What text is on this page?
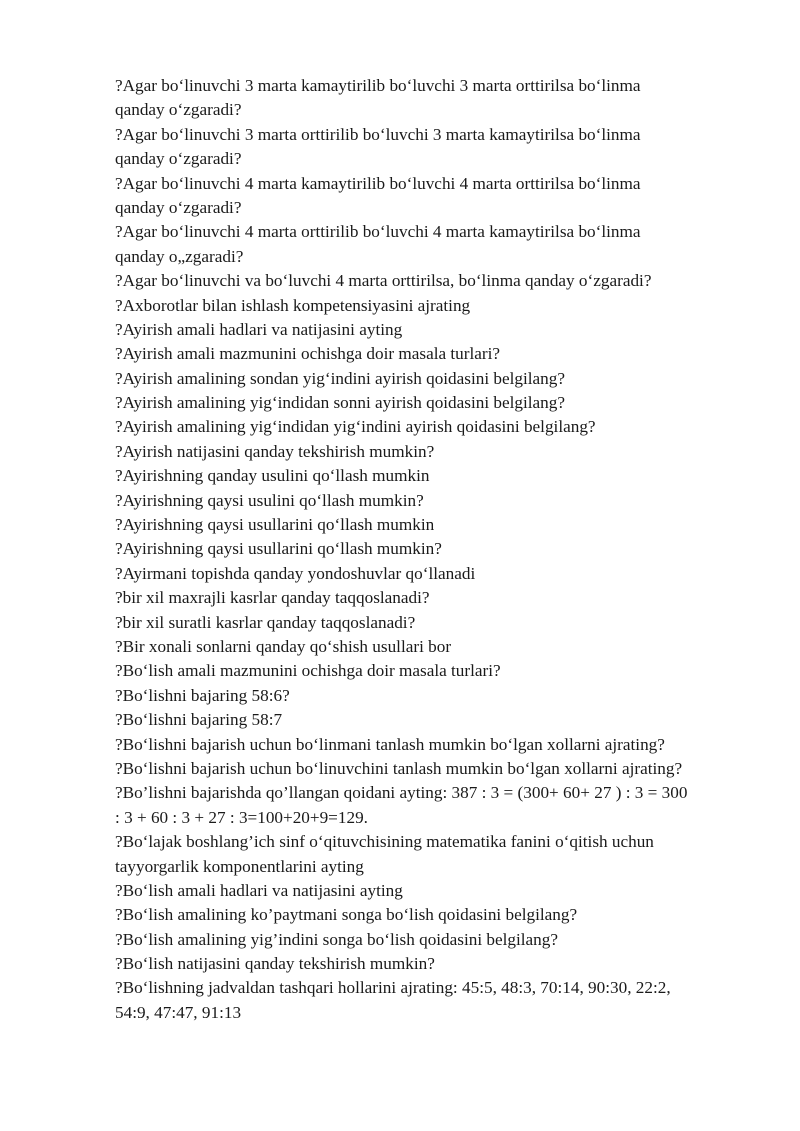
?Agar bo‘linuvchi 3 marta kamaytirilib bo‘luvchi 3 marta orttirilsa bo‘linma
qanday o‘zgaradi?
?Agar bo‘linuvchi 3 marta orttirilib bo‘luvchi 3 marta kamaytirilsa bo‘linma
qanday o‘zgaradi?
?Agar bo‘linuvchi 4 marta kamaytirilib bo‘luvchi 4 marta orttirilsa bo‘linma
qanday o‘zgaradi?
?Agar bo‘linuvchi 4 marta orttirilib bo‘luvchi 4 marta kamaytirilsa bo‘linma
qanday o„zgaradi?
?Agar bo‘linuvchi va bo‘luvchi 4 marta orttirilsa, bo‘linma qanday o‘zgaradi?
?Axborotlar bilan ishlash kompetensiyasini ajrating
?Ayirish amali hadlari va natijasini ayting
?Ayirish amali mazmunini ochishga doir masala turlari?
?Ayirish amalining sondan yig‘indini ayirish qoidasini belgilang?
?Ayirish amalining yig‘indidan sonni ayirish qoidasini belgilang?
?Ayirish amalining yig‘indidan yig‘indini ayirish qoidasini belgilang?
?Ayirish natijasini qanday tekshirish mumkin?
?Ayirishning qanday usulini qo‘llash mumkin
?Ayirishning qaysi usulini qo‘llash mumkin?
?Ayirishning qaysi usullarini qo‘llash mumkin
?Ayirishning qaysi usullarini qo‘llash mumkin?
?Ayirmani topishda qanday yondoshuvlar qo‘llanadi
?bir xil maxrajli kasrlar qanday taqqoslanadi?
?bir xil suratli kasrlar qanday taqqoslanadi?
?Bir xonali sonlarni qanday qo‘shish usullari bor
?Bo‘lish amali mazmunini ochishga doir masala turlari?
?Bo‘lishni bajaring 58:6?
?Bo‘lishni bajaring 58:7
?Bo‘lishni bajarish uchun bo‘linmani tanlash mumkin bo‘lgan xollarni ajrating?
?Bo‘lishni bajarish uchun bo‘linuvchini tanlash mumkin bo‘lgan xollarni ajrating?
?Bo’lishni bajarishda qo’llangan qoidani ayting: 387 : 3 = (300+ 60+ 27 ) : 3 = 300
: 3 + 60 : 3 + 27 : 3=100+20+9=129.
?Bo‘lajak boshlang’ich sinf o‘qituvchisining matematika fanini o‘qitish uchun
tayyorgarlik komponentlarini ayting
?Bo‘lish amali hadlari va natijasini ayting
?Bo‘lish amalining ko’paytmani songa bo‘lish qoidasini belgilang?
?Bo‘lish amalining yig’indini songa bo‘lish qoidasini belgilang?
?Bo‘lish natijasini qanday tekshirish mumkin?
?Bo‘lishning jadvaldan tashqari hollarini ajrating: 45:5, 48:3, 70:14, 90:30, 22:2,
54:9, 47:47, 91:13
